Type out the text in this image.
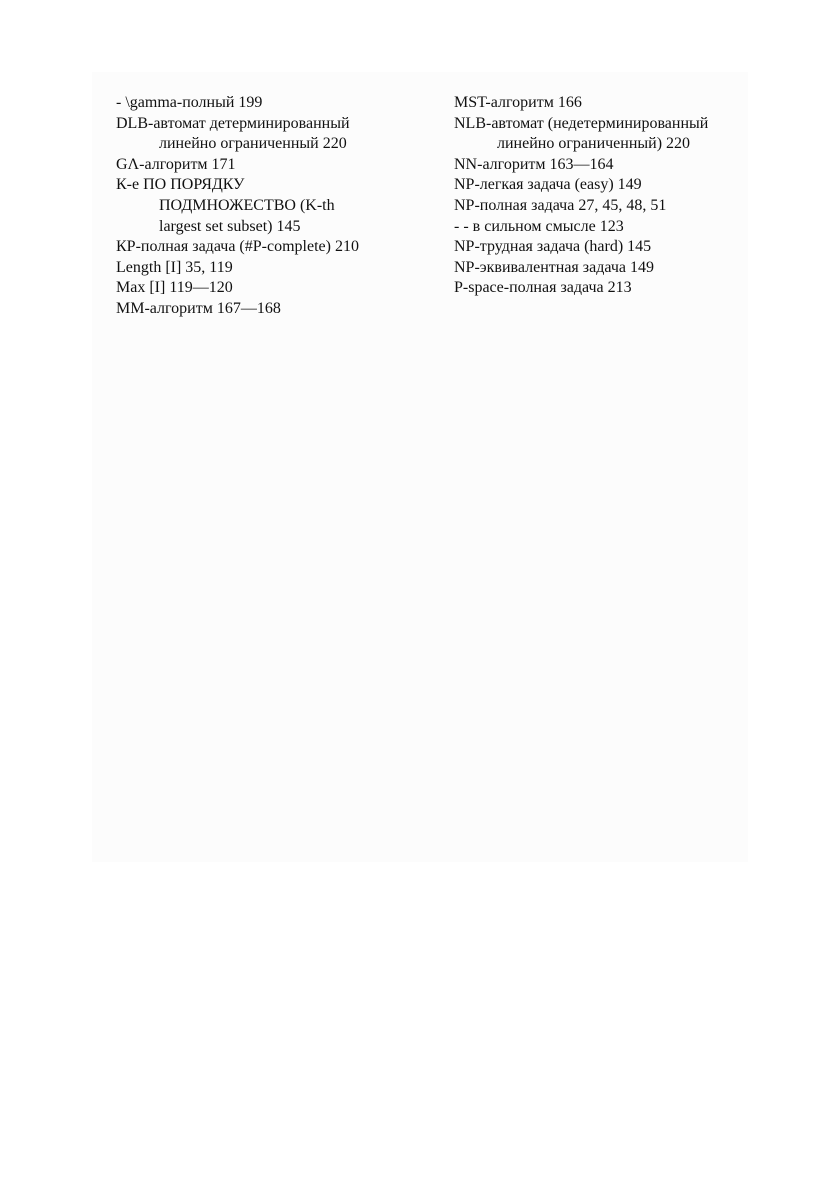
- \gamma-полный 199
DLB-автомат детерминированный
линейно ограниченный 220
GΛ-алгоритм 171
К-е ПО ПОРЯДКУ
ПОДМНОЖЕСТВО (K-th
largest set subset) 145
КР-полная задача (#P-complete) 210
Length [I] 35, 119
Max [I] 119—120
ММ-алгоритм 167—168
MST-алгоритм 166
NLB-автомат (недетерминированный
линейно ограниченный) 220
NN-алгоритм 163—164
NP-легкая задача (easy) 149
NP-полная задача 27, 45, 48, 51
- - в сильном смысле 123
NP-трудная задача (hard) 145
NP-эквивалентная задача 149
P-space-полная задача 213
